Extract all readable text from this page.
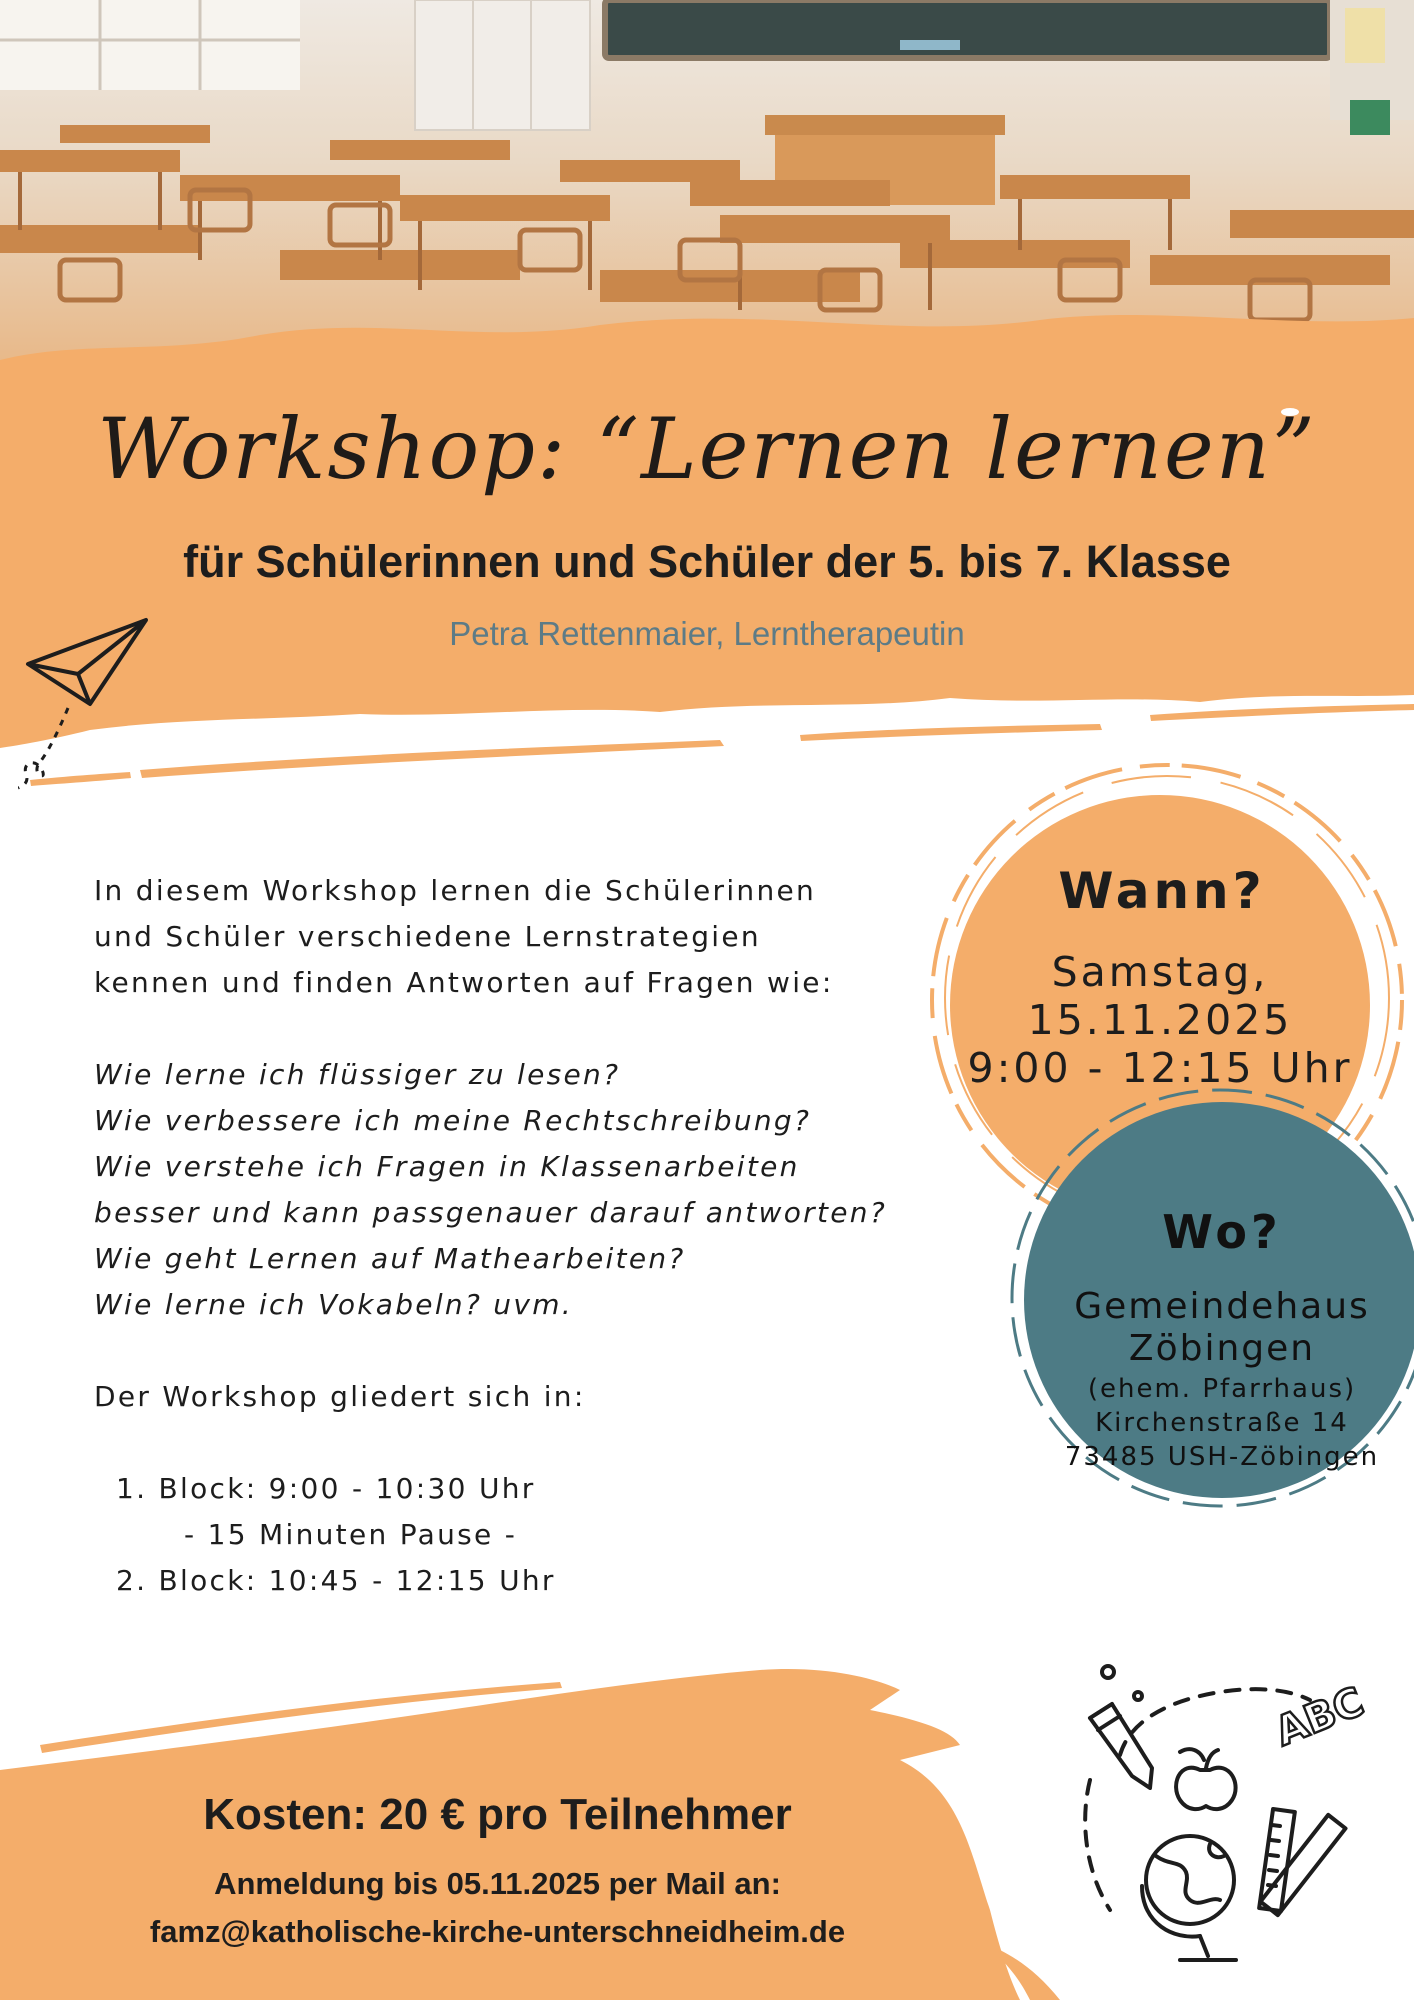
Workshop: “Lernen lernen”
für Schülerinnen und Schüler der 5. bis 7. Klasse
Petra Rettenmaier, Lerntherapeutin

In diesem Workshop lernen die Schülerinnen

und Schüler verschiedene Lernstrategien

kennen und finden Antworten auf Fragen wie:

Wie lerne ich flüssiger zu lesen?

Wie verbessere ich meine Rechtschreibung?

Wie verstehe ich Fragen in Klassenarbeiten

besser und kann passgenauer darauf antworten?

Wie geht Lernen auf Mathearbeiten?

Wie lerne ich Vokabeln? uvm.

Der Workshop gliedert sich in:

1. Block: 9:00 - 10:30 Uhr

- 15 Minuten Pause -

2. Block: 10:45 - 12:15 Uhr

Wann?
Samstag,
15.11.2025
9:00 - 12:15 Uhr
Wo?
Gemeindehaus
Zöbingen
(ehem. Pfarrhaus)
Kirchenstraße 14
73485 USH-Zöbingen
Kosten: 20 € pro Teilnehmer
Anmeldung bis 05.11.2025 per Mail an:
famz@katholische-kirche-unterschneidheim.de
ABC
